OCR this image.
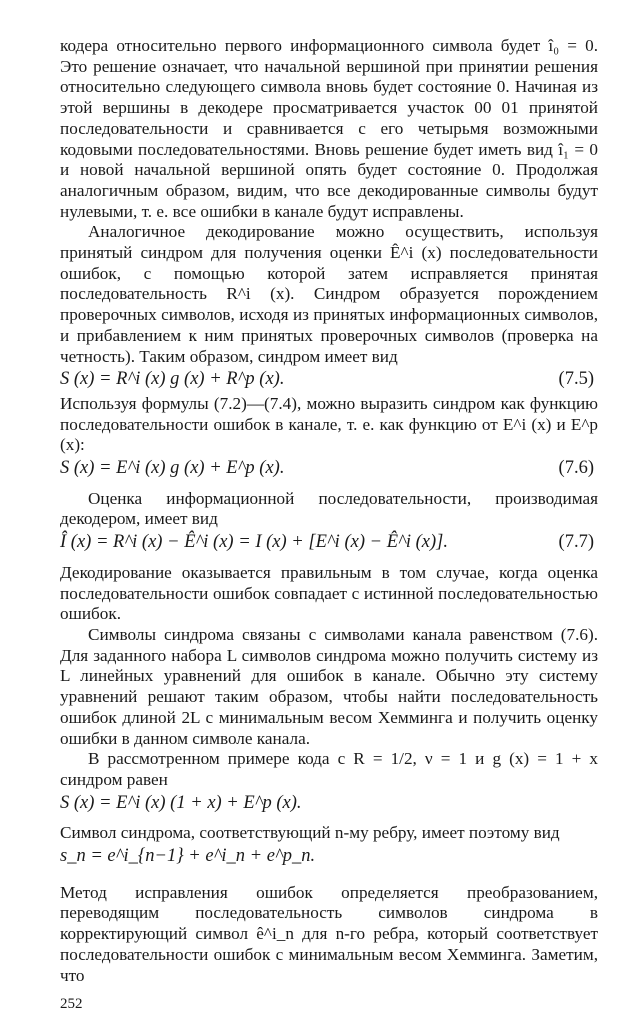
кодера относительно первого информационного символа будет î₀ = 0. Это решение означает, что начальной вершиной при принятии решения относительно следующего символа вновь будет состояние 0. Начиная из этой вершины в декодере просматривается участок 00 01 принятой последовательности и сравнивается с его четырьмя возможными кодовыми последовательностями. Вновь решение будет иметь вид î₁ = 0 и новой начальной вершиной опять будет состояние 0. Продолжая аналогичным образом, видим, что все декодированные символы будут нулевыми, т. е. все ошибки в канале будут исправлены.

Аналогичное декодирование можно осуществить, используя принятый синдром для получения оценки Ê^i (x) последовательности ошибок, с помощью которой затем исправляется принятая последовательность R^i (x). Синдром образуется порождением проверочных символов, исходя из принятых информационных символов, и прибавлением к ним принятых проверочных символов (проверка на четность). Таким образом, синдром имеет вид

S (x) = R^i (x) g (x) + R^p (x).	(7.5)

Используя формулы (7.2)—(7.4), можно выразить синдром как функцию последовательности ошибок в канале, т. е. как функцию от E^i (x) и E^p (x):

S (x) = E^i (x) g (x) + E^p (x).	(7.6)

Оценка информационной последовательности, производимая декодером, имеет вид

Î (x) = R^i (x) − Ê^i (x) = I (x) + [E^i (x) − Ê^i (x)].	(7.7)

Декодирование оказывается правильным в том случае, когда оценка последовательности ошибок совпадает с истинной последовательностью ошибок.

Символы синдрома связаны с символами канала равенством (7.6). Для заданного набора L символов синдрома можно получить систему из L линейных уравнений для ошибок в канале. Обычно эту систему уравнений решают таким образом, чтобы найти последовательность ошибок длиной 2L с минимальным весом Хемминга и получить оценку ошибки в данном символе канала.

В рассмотренном примере кода с R = 1/2, ν = 1 и g (x) = 1 + x синдром равен

S (x) = E^i (x) (1 + x) + E^p (x).

Символ синдрома, соответствующий n-му ребру, имеет поэтому вид

s_n = e^i_{n−1} + e^i_n + e^p_n.

Метод исправления ошибок определяется преобразованием, переводящим последовательность символов синдрома в корректирующий символ ê^i_n для n-го ребра, который соответствует последовательности ошибок с минимальным весом Хемминга. Заметим, что

252
